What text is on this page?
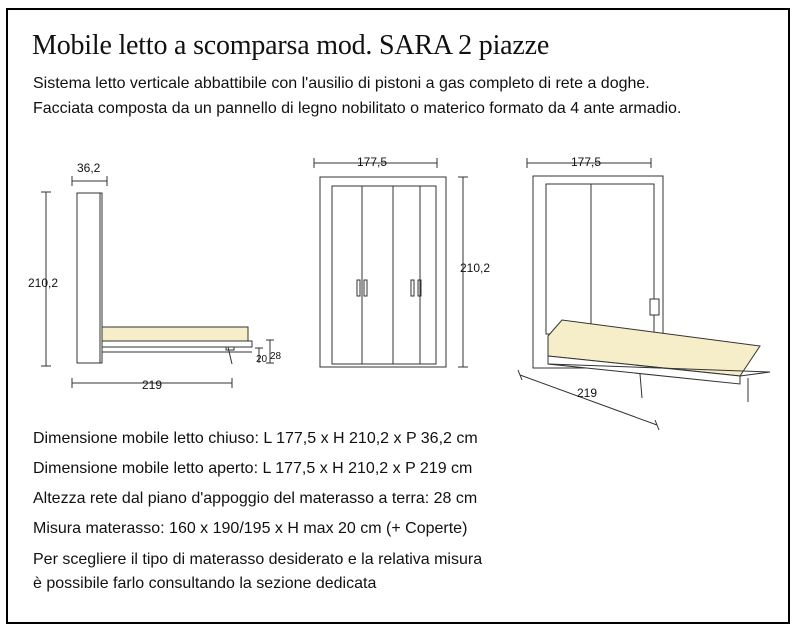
Mobile letto a scomparsa mod. SARA 2 piazze
Sistema letto verticale abbattibile con l'ausilio di pistoni a gas completo di rete a doghe.
Facciata composta da un pannello di legno nobilitato o materico formato da 4 ante armadio.
36,2
210,2
219
20 28
177,5
210,2
177,5
219
Dimensione mobile letto chiuso: L 177,5 x H 210,2 x P 36,2 cm
Dimensione mobile letto aperto: L 177,5 x H 210,2 x P 219 cm
Altezza rete dal piano d'appoggio del materasso a terra: 28 cm
Misura materasso: 160 x 190/195 x H max 20 cm (+ Coperte)
Per scegliere il tipo di materasso desiderato e la relativa misura
è possibile farlo consultando la sezione dedicata
